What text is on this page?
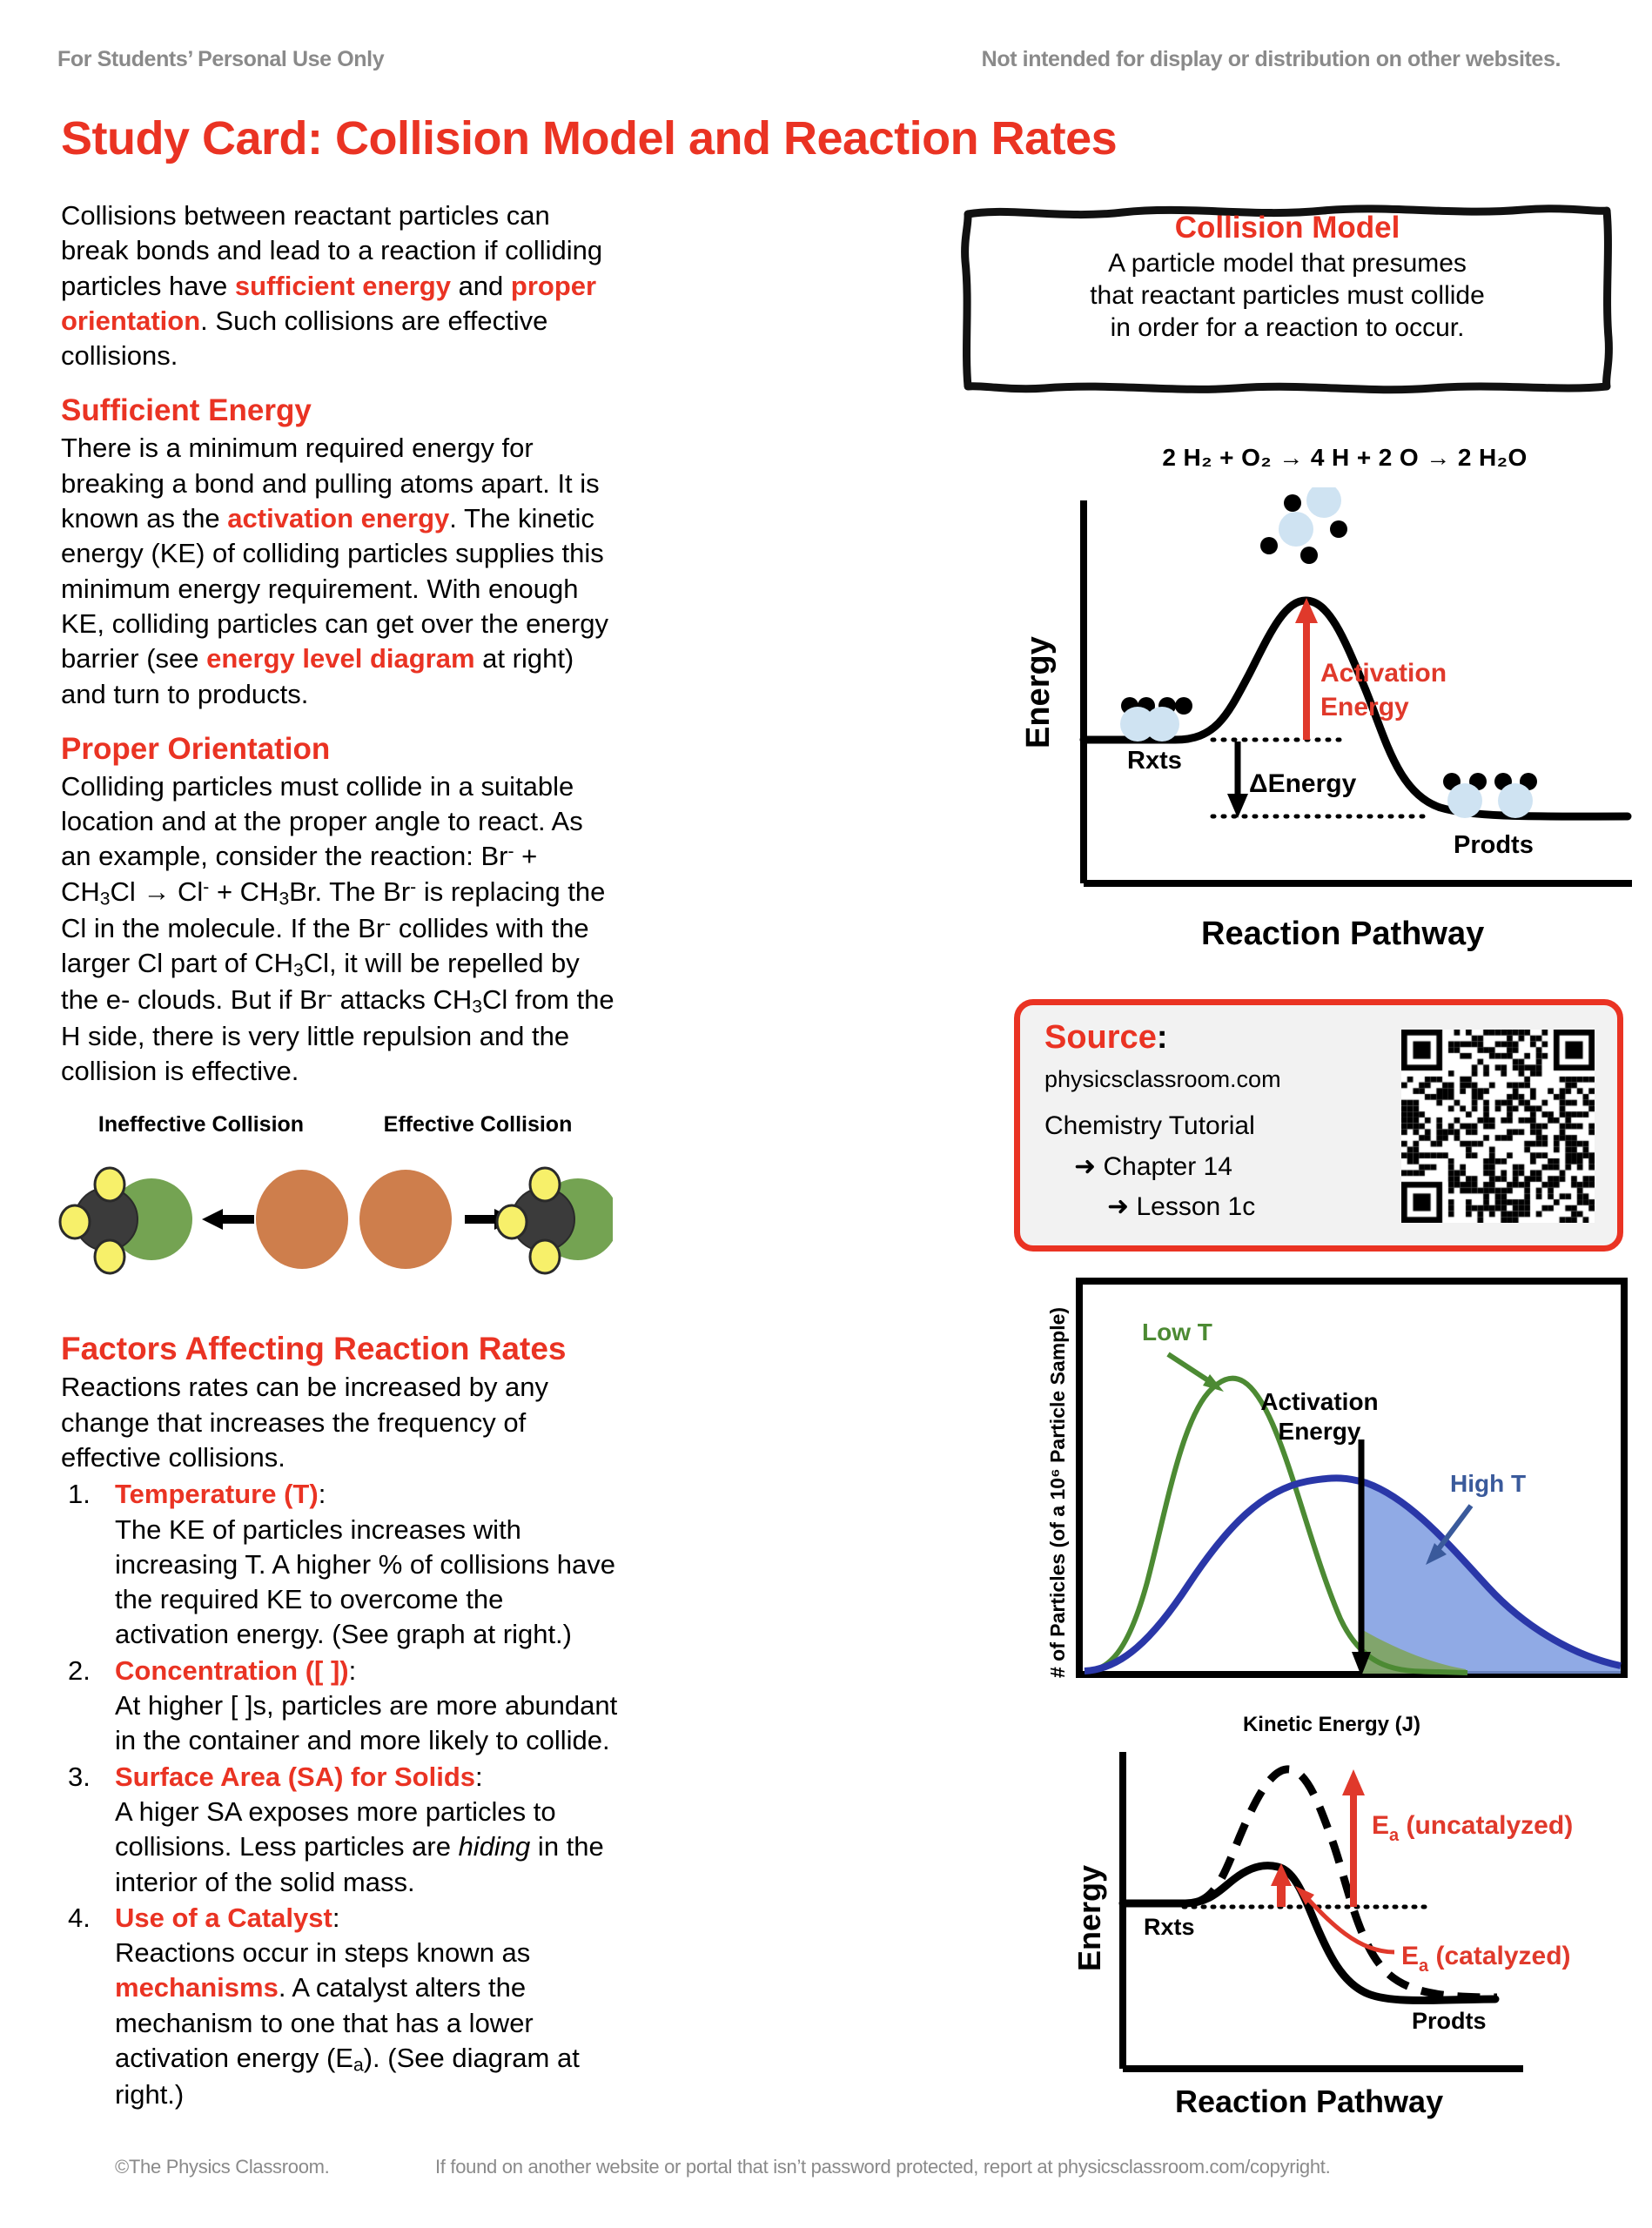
For Students’ Personal Use Only	Not intended for display or distribution on other websites.
Study Card: Collision Model and Reaction Rates

Collisions between reactant particles can break bonds and lead to a reaction if colliding particles have sufficient energy and proper orientation. Such collisions are effective collisions.

Sufficient Energy

There is a minimum required energy for breaking a bond and pulling atoms apart. It is known as the activation energy. The kinetic energy (KE) of colliding particles supplies this minimum energy requirement. With enough KE, colliding particles can get over the energy barrier (see energy level diagram at right) and turn to products.

Proper Orientation

Colliding particles must collide in a suitable location and at the proper angle to react. As an example, consider the reaction: $Br^- + CH_3Cl \to Cl^- + CH_3Br$. The Br- is replacing the Cl in the molecule. If the Br- collides with the larger Cl part of $CH_3Cl$, it will be repelled by the e- clouds. But if Br- attacks $CH_3Cl$ from the H side, there is very little repulsion and the collision is effective.

Ineffective Collision	Effective Collision
Factors Affecting Reaction Rates

Reactions rates can be increased by any change that increases the frequency of effective collisions.

1. Temperature (T):
The KE of particles increases with increasing T. A higher % of collisions have the required KE to overcome the activation energy. (See graph at right.)
2. Concentration ([ ]):
At higher [ ]s, particles are more abundant in the container and more likely to collide.
3. Surface Area (SA) for Solids:
A higer SA exposes more particles to collisions. Less particles are hiding in the interior of the solid mass.
4. Use of a Catalyst:
Reactions occur in steps known as mechanisms. A catalyst alters the mechanism to one that has a lower activation energy $(E_a)$. (See diagram at right.)
Collision Model
A particle model that presumes
that reactant particles must collide
in order for a reaction to occur.
2 H₂ + O₂ → 4 H + 2 O → 2 H₂O
Rxts
Prodts
ΔEnergy
Activation
Energy
Energy
Reaction Pathway
Source:
physicsclassroom.com
Chemistry Tutorial
➜ Chapter 14
➜ Lesson 1c
# of Particles (of a 10⁶ Particle Sample)
Kinetic Energy (J)
Low T
High T
Activation
Energy
$E_a$ (uncatalyzed)
$E_a$ (catalyzed)
Rxts
Prodts
Energy
Reaction Pathway
©The Physics Classroom.	If found on another website or portal that isn’t password protected, report at physicsclassroom.com/copyright.
